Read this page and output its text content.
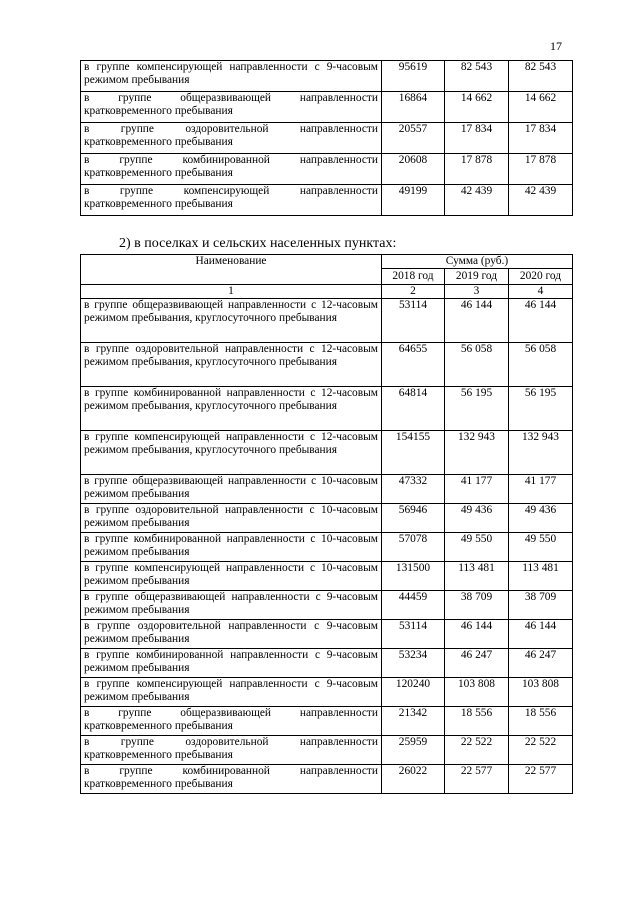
17
в группе компенсирующей направленности с 9-часовым режимом пребывания	95619	82 543	82 543
в группе общеразвивающей направленности кратковременного пребывания	16864	14 662	14 662
в группе оздоровительной направленности кратковременного пребывания	20557	17 834	17 834
в группе комбинированной направленности кратковременного пребывания	20608	17 878	17 878
в группе компенсирующей направленности кратковременного пребывания	49199	42 439	42 439
2) в поселках и сельских населенных пунктах:
Наименование	Сумма (руб.)		
	2018 год	2019 год	2020 год
1	2	3	4
в группе общеразвивающей направленности с 12-часовым режимом пребывания, круглосуточного пребывания	53114	46 144	46 144
в группе оздоровительной направленности с 12-часовым режимом пребывания, круглосуточного пребывания	64655	56 058	56 058
в группе комбинированной направленности с 12-часовым режимом пребывания, круглосуточного пребывания	64814	56 195	56 195
в группе компенсирующей направленности с 12-часовым режимом пребывания, круглосуточного пребывания	154155	132 943	132 943
в группе общеразвивающей направленности с 10-часовым режимом пребывания	47332	41 177	41 177
в группе оздоровительной направленности с 10-часовым режимом пребывания	56946	49 436	49 436
в группе комбинированной направленности с 10-часовым режимом пребывания	57078	49 550	49 550
в группе компенсирующей направленности с 10-часовым режимом пребывания	131500	113 481	113 481
в группе общеразвивающей направленности с 9-часовым режимом пребывания	44459	38 709	38 709
в группе оздоровительной направленности с 9-часовым режимом пребывания	53114	46 144	46 144
в группе комбинированной направленности с 9-часовым режимом пребывания	53234	46 247	46 247
в группе компенсирующей направленности с 9-часовым режимом пребывания	120240	103 808	103 808
в группе общеразвивающей направленности кратковременного пребывания	21342	18 556	18 556
в группе оздоровительной направленности кратковременного пребывания	25959	22 522	22 522
в группе комбинированной направленности кратковременного пребывания	26022	22 577	22 577
